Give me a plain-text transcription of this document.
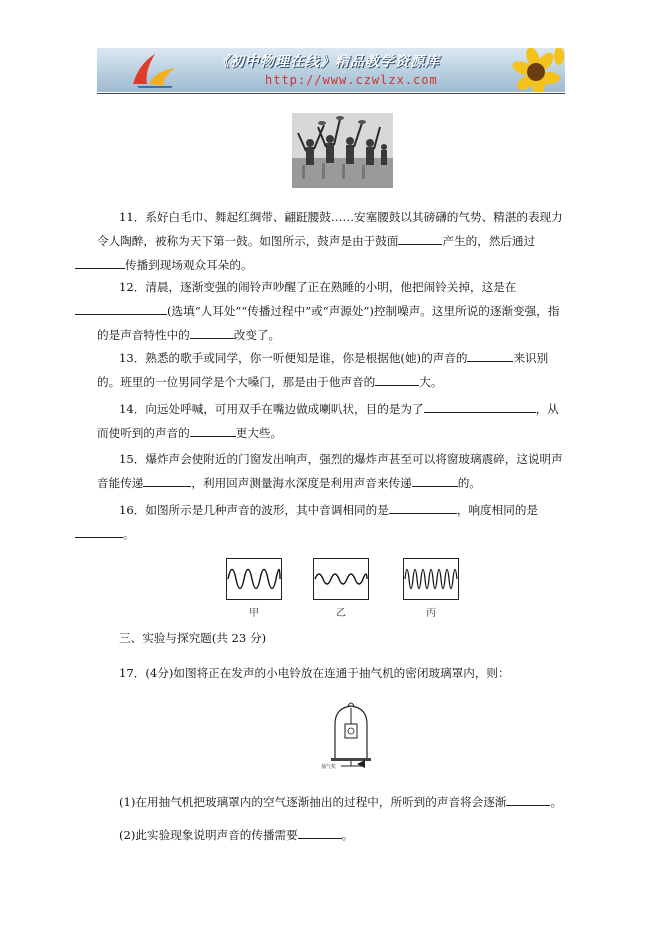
《初中物理在线》精品教学资源库
http://www.czwlzx.com

11．系好白毛巾、舞起红绸带、翩跹腰鼓……安塞腰鼓以其磅礴的气势、精湛的表现力令人陶醉，被称为天下第一鼓。如图所示，鼓声是由于鼓面	产生的，然后通过
传播到现场观众耳朵的。

12．清晨，逐渐变强的闹铃声吵醒了正在熟睡的小明，他把闹铃关掉，这是在
(选填“人耳处”“传播过程中”或“声源处”)控制噪声。这里所说的逐渐变强，指的是声音特性中的	改变了。

13．熟悉的歌手或同学，你一听便知是谁，你是根据他(她)的声音的	来识别的。班里的一位男同学是个大嗓门，那是由于他声音的	大。

14．向远处呼喊，可用双手在嘴边做成喇叭状，目的是为了	，从而使听到的声音的	更大些。

15．爆炸声会使附近的门窗发出响声，强烈的爆炸声甚至可以将窗玻璃震碎，这说明声音能传递	，利用回声测量海水深度是利用声音来传递	的。

16．如图所示是几种声音的波形，其中音调相同的是	，响度相同的是
。

甲	乙	丙

三、实验与探究题(共 23 分)

17．(4分)如图将正在发声的小电铃放在连通于抽气机的密闭玻璃罩内，则：

抽气机

(1)在用抽气机把玻璃罩内的空气逐渐抽出的过程中，所听到的声音将会逐渐	。

(2)此实验现象说明声音的传播需要	。
